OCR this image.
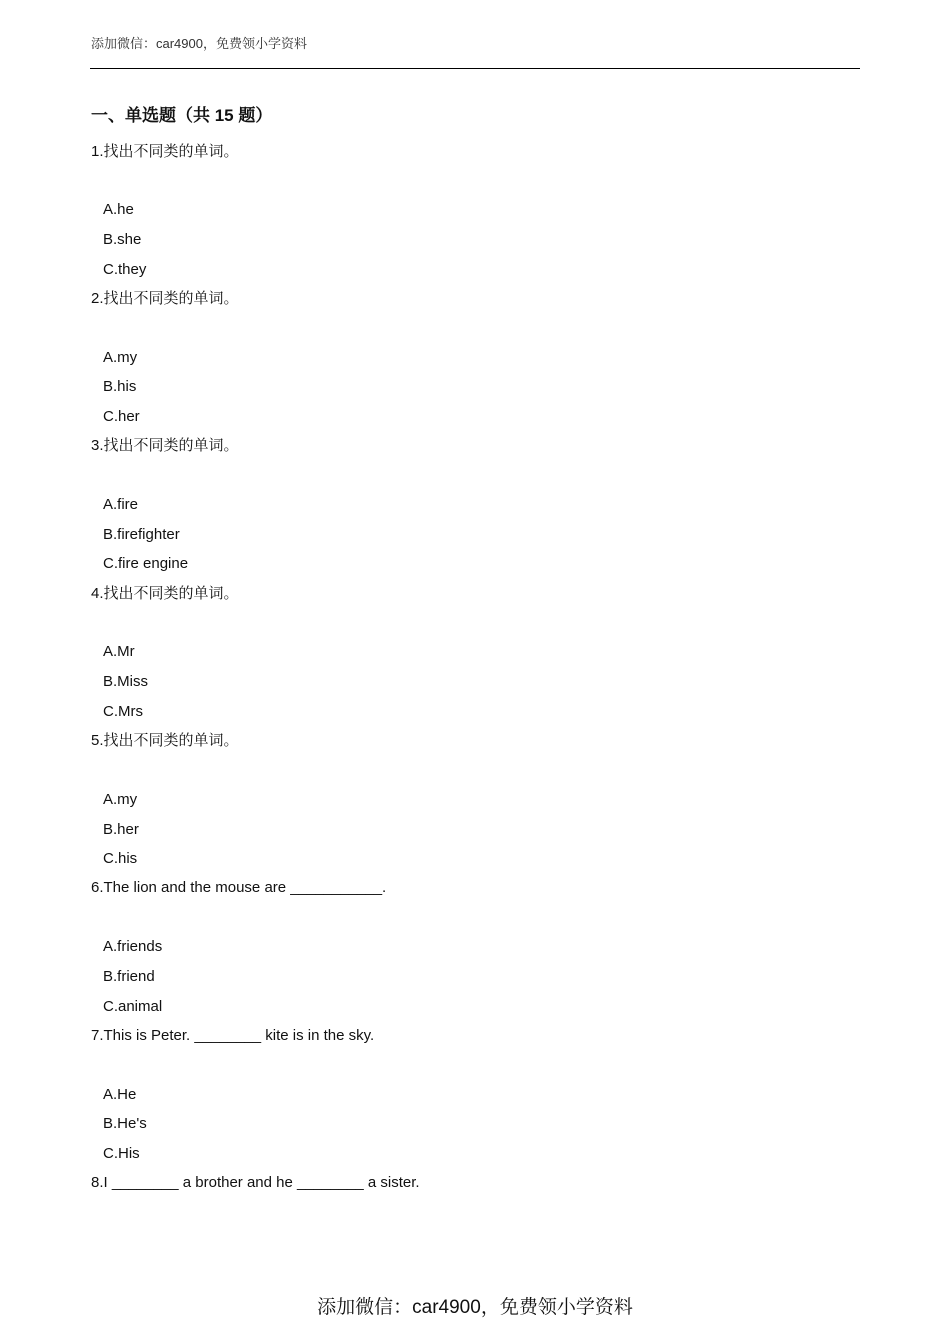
添加微信：car4900，免费领小学资料
一、单选题（共 15 题）
1.找出不同类的单词。
A.he
B.she
C.they
2.找出不同类的单词。
A.my
B.his
C.her
3.找出不同类的单词。
A.fire
B.firefighter
C.fire engine
4.找出不同类的单词。
A.Mr
B.Miss
C.Mrs
5.找出不同类的单词。
A.my
B.her
C.his
6.The lion and the mouse are ___________.
A.friends
B.friend
C.animal
7.This is Peter. ________ kite is in the sky.
A.He
B.He's
C.His
8.I ________ a brother and he ________ a sister.
添加微信：car4900，免费领小学资料
